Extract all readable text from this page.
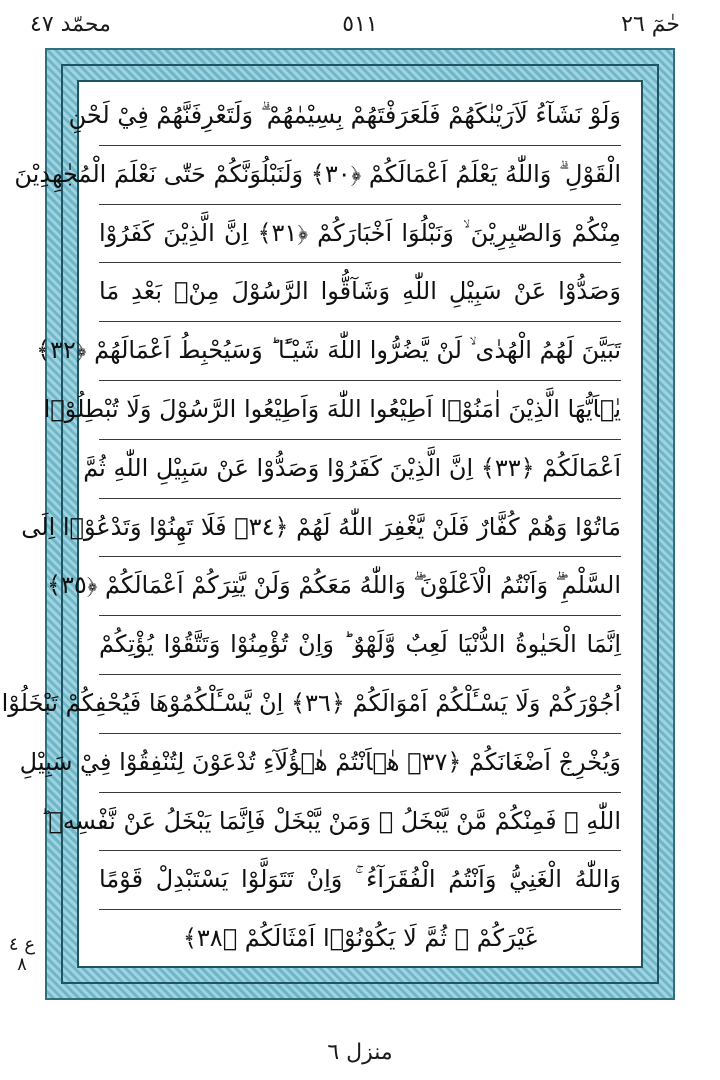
حٰمٓ ٢٦
٥١١
محمّد ٤٧
وَلَوْ نَشَآءُ لَاَرَيْنٰكَهُمْ فَلَعَرَفْتَهُمْ بِسِيْمٰهُمْ ۗ وَلَتَعْرِفَنَّهُمْ فِيْ لَحْنِ
الْقَوْلِ ۗ وَاللّٰهُ يَعْلَمُ اَعْمَالَكُمْ ﴿٣٠﴾ وَلَنَبْلُوَنَّكُمْ حَتّٰى نَعْلَمَ الْمُجٰهِدِيْنَ
مِنْكُمْ وَالصّٰبِرِيْنَ ۙ وَنَبْلُوَا اَخْبَارَكُمْ ﴿٣١﴾ اِنَّ الَّذِيْنَ كَفَرُوْا
وَصَدُّوْا عَنْ سَبِيْلِ اللّٰهِ وَشَآقُّوا الرَّسُوْلَ مِنْۢ بَعْدِ مَا
تَبَيَّنَ لَهُمُ الْهُدٰى ۙ لَنْ يَّضُرُّوا اللّٰهَ شَيْـًٔا ؕ وَسَيُحْبِطُ اَعْمَالَهُمْ ﴿٣٢﴾
يٰۤاَيُّهَا الَّذِيْنَ اٰمَنُوْۤا اَطِيْعُوا اللّٰهَ وَاَطِيْعُوا الرَّسُوْلَ وَلَا تُبْطِلُوْۤا
اَعْمَالَكُمْ ﴿٣٣﴾ اِنَّ الَّذِيْنَ كَفَرُوْا وَصَدُّوْا عَنْ سَبِيْلِ اللّٰهِ ثُمَّ
مَاتُوْا وَهُمْ كُفَّارٌ فَلَنْ يَّغْفِرَ اللّٰهُ لَهُمْ ﴿٣٤﴾ فَلَا تَهِنُوْا وَتَدْعُوْۤا اِلَى
السَّلْمِ ۖۗ وَاَنْتُمُ الْاَعْلَوْنَ ۖۗ وَاللّٰهُ مَعَكُمْ وَلَنْ يَّتِرَكُمْ اَعْمَالَكُمْ ﴿٣٥﴾
اِنَّمَا الْحَيٰوةُ الدُّنْيَا لَعِبٌ وَّلَهْوٌ ؕ وَاِنْ تُؤْمِنُوْا وَتَتَّقُوْا يُؤْتِكُمْ
اُجُوْرَكُمْ وَلَا يَسْـَٔلْكُمْ اَمْوَالَكُمْ ﴿٣٦﴾ اِنْ يَّسْـَٔلْكُمُوْهَا فَيُحْفِكُمْ تَبْخَلُوْا
وَيُخْرِجْ اَضْغَانَكُمْ ﴿٣٧﴾ هٰۤاَنْتُمْ هٰۤؤُلَآءِ تُدْعَوْنَ لِتُنْفِقُوْا فِيْ سَبِيْلِ
اللّٰهِ ۚ فَمِنْكُمْ مَّنْ يَّبْخَلُ ۚ وَمَنْ يَّبْخَلْ فَاِنَّمَا يَبْخَلُ عَنْ نَّفْسِهٖ ؕ
وَاللّٰهُ الْغَنِيُّ وَاَنْتُمُ الْفُقَرَآءُ ۚ وَاِنْ تَتَوَلَّوْا يَسْتَبْدِلْ قَوْمًا
غَيْرَكُمْ ۙ ثُمَّ لَا يَكُوْنُوْۤا اَمْثَالَكُمْ ﴿٣٨﴾
ع ٤ ٨
منزل ٦
